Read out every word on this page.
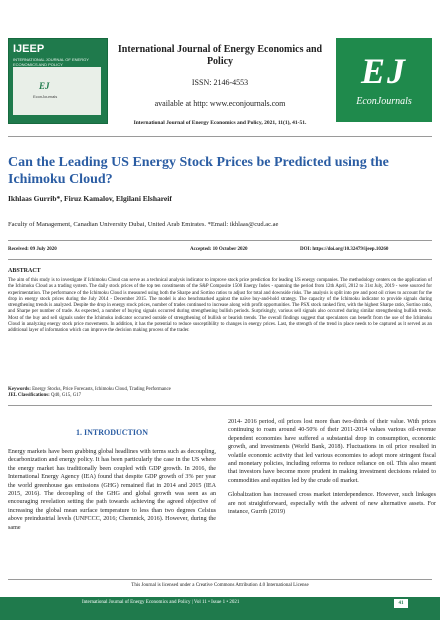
IJEEP
INTERNATIONAL JOURNAL OF ENERGY ECONOMICS AND POLICY
EJ
EconJournals
International Journal of Energy Economics and Policy
ISSN: 2146-4553
available at http: www.econjournals.com
International Journal of Energy Economics and Policy, 2021, 11(1), 41-51.
EJ
EconJournals
Can the Leading US Energy Stock Prices be Predicted using the Ichimoku Cloud?
Ikhlaas Gurrib*, Firuz Kamalov, Elgilani Elshareif
Faculty of Management, Canadian University Dubai, United Arab Emirates. *Email: ikhlaas@cud.ac.ae
Received: 09 July 2020	Accepted: 10 October 2020	DOI: https://doi.org/10.32479/ijeep.10260
ABSTRACT
The aim of this study is to investigate if Ichimoku Cloud can serve as a technical analysis indicator to improve stock price prediction for leading US energy companies. The methodology centers on the application of the Ichimoku Cloud as a trading system. The daily stock prices of the top ten constituents of the S&P Composite 1500 Energy Index - spanning the period from 12th April, 2012 to 31st July, 2019 - were sourced for experimentation. The performance of the Ichimoku Cloud is measured using both the Sharpe and Sortino ratios to adjust for total and downside risks. The analysis is split into pre and post oil crises to account for the drop in energy stock prices during the July 2014 - December 2015. The model is also benchmarked against the naïve buy-and-hold strategy. The capacity of the Ichimoku indicator to provide signals during strengthening trends is analyzed. Despite the drop in energy stock prices, number of trades continued to increase along with profit opportunities. The PSX stock ranked first, with the highest Sharpe ratio, Sortino ratio, and Sharpe per number of trade. As expected, a number of buying signals occurred during strengthening bullish periods. Surprisingly, various sell signals also occurred during similar strengthening bullish trends. Most of the buy and sell signals under the Ichimoku indicator occurred outside of strengthening of bullish or bearish trends. The overall findings suggest that speculators can benefit from the use of the Ichimoku Cloud in analyzing energy stock price movements. In addition, it has the potential to reduce susceptibility to changes in energy prices. Last, the strength of the trend in place needs to be captured as it served as an additional layer of information which can improve the decision making process of the trader.
Keywords: Energy Stocks, Price Forecasts, Ichimoku Cloud, Trading Performance
JEL Classifications: Q40, G15, G17
1. INTRODUCTION
Energy markets have been grabbing global headlines with terms such as decoupling, decarbonization and energy policy. It has been particularly the case in the US where the energy market has traditionally been coupled with GDP growth. In 2016, the International Energy Agency (IEA) found that despite GDP growth of 3% per year the world greenhouse gas emissions (GHG) remained flat in 2014 and 2015 (IEA 2015, 2016). The decoupling of the GHG and global growth was seen as an encouraging revelation setting the path towards achieving the agreed objective of increasing the global mean surface temperature to less than two degrees Celsius above preindustrial levels (UNFCCC, 2016; Chemnick, 2016). However, during the same

2014- 2016 period, oil prices lost more than two-thirds of their value. With prices continuing to roam around 40-50% of their 2011-2014 values various oil-revenue dependent economies have suffered a substantial drop in consumption, economic growth, and investments (World Bank, 2018). Fluctuations in oil price resulted in volatile economic activity that led various economies to adopt more stringent fiscal and monetary policies, including reforms to reduce reliance on oil. This also meant that investors have become more prudent in making investment decisions related to commodities and equities led by the crude oil market.

Globalization has increased cross market interdependence. However, such linkages are not straightforward, especially with the advent of new alternative assets. For instance, Gurrib (2019)

This Journal is licensed under a Creative Commons Attribution 4.0 International License
International Journal of Energy Economics and Policy | Vol 11 • Issue 1 • 2021	41
